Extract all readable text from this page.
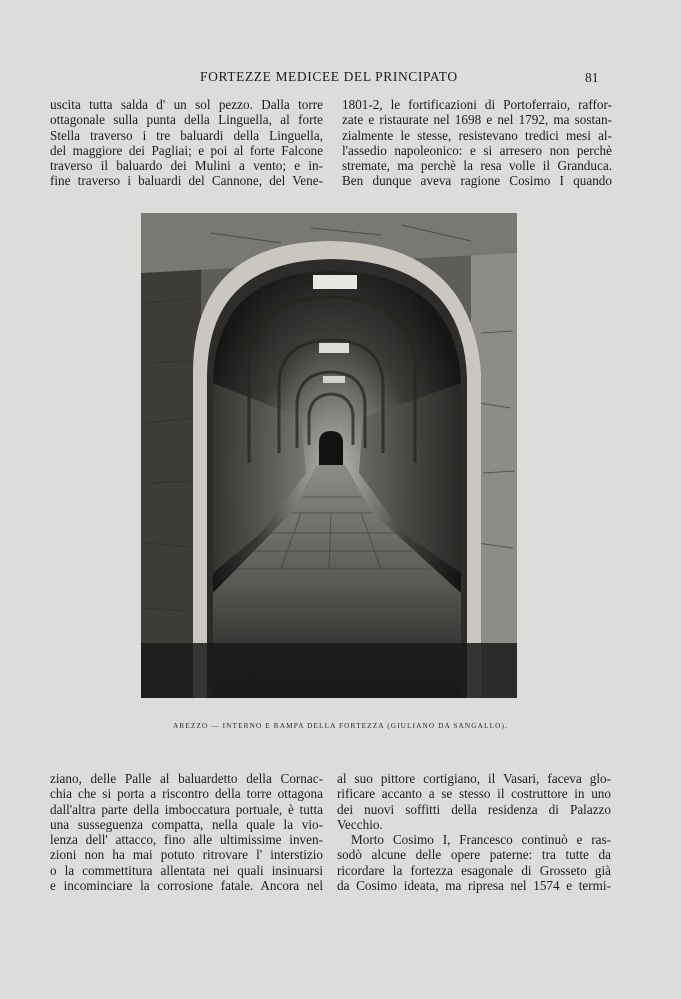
FORTEZZE MEDICEE DEL PRINCIPATO	81
uscita tutta salda d' un sol pezzo. Dalla torre
ottagonale sulla punta della Linguella, al forte
Stella traverso i tre baluardi della Linguella,
del maggiore dei Pagliai; e poi al forte Falcone
traverso il baluardo dei Mulini a vento; e in-
fine traverso i baluardi del Cannone, del Vene-
1801-2, le fortificazioni di Portoferraio, raffor-
zate e ristaurate nel 1698 e nel 1792, ma sostan-
zialmente le stesse, resistevano tredici mesi al-
l'assedio napoleonico: e si arresero non perchè
stremate, ma perchè la resa volle il Granduca.
Ben dunque aveva ragione Cosimo I quando
AREZZO — INTERNO E RAMPA DELLA FORTEZZA (GIULIANO DA SANGALLO).
ziano, delle Palle al baluardetto della Cornac-
chia che si porta a riscontro della torre ottagona
dall'altra parte della imboccatura portuale, è tutta
una susseguenza compatta, nella quale la vio-
lenza dell' attacco, fino alle ultimissime inven-
zioni non ha mai potuto ritrovare l' interstizio
o la commettitura allentata nei quali insinuarsi
e incominciare la corrosione fatale. Ancora nel
al suo pittore cortigiano, il Vasari, faceva glo-
rificare accanto a se stesso il costruttore in uno
dei nuovi soffitti della residenza di Palazzo
Vecchio.
Morto Cosimo I, Francesco continuò e ras-
sodò alcune delle opere paterne: tra tutte da
ricordare la fortezza esagonale di Grosseto già
da Cosimo ideata, ma ripresa nel 1574 e termi-
